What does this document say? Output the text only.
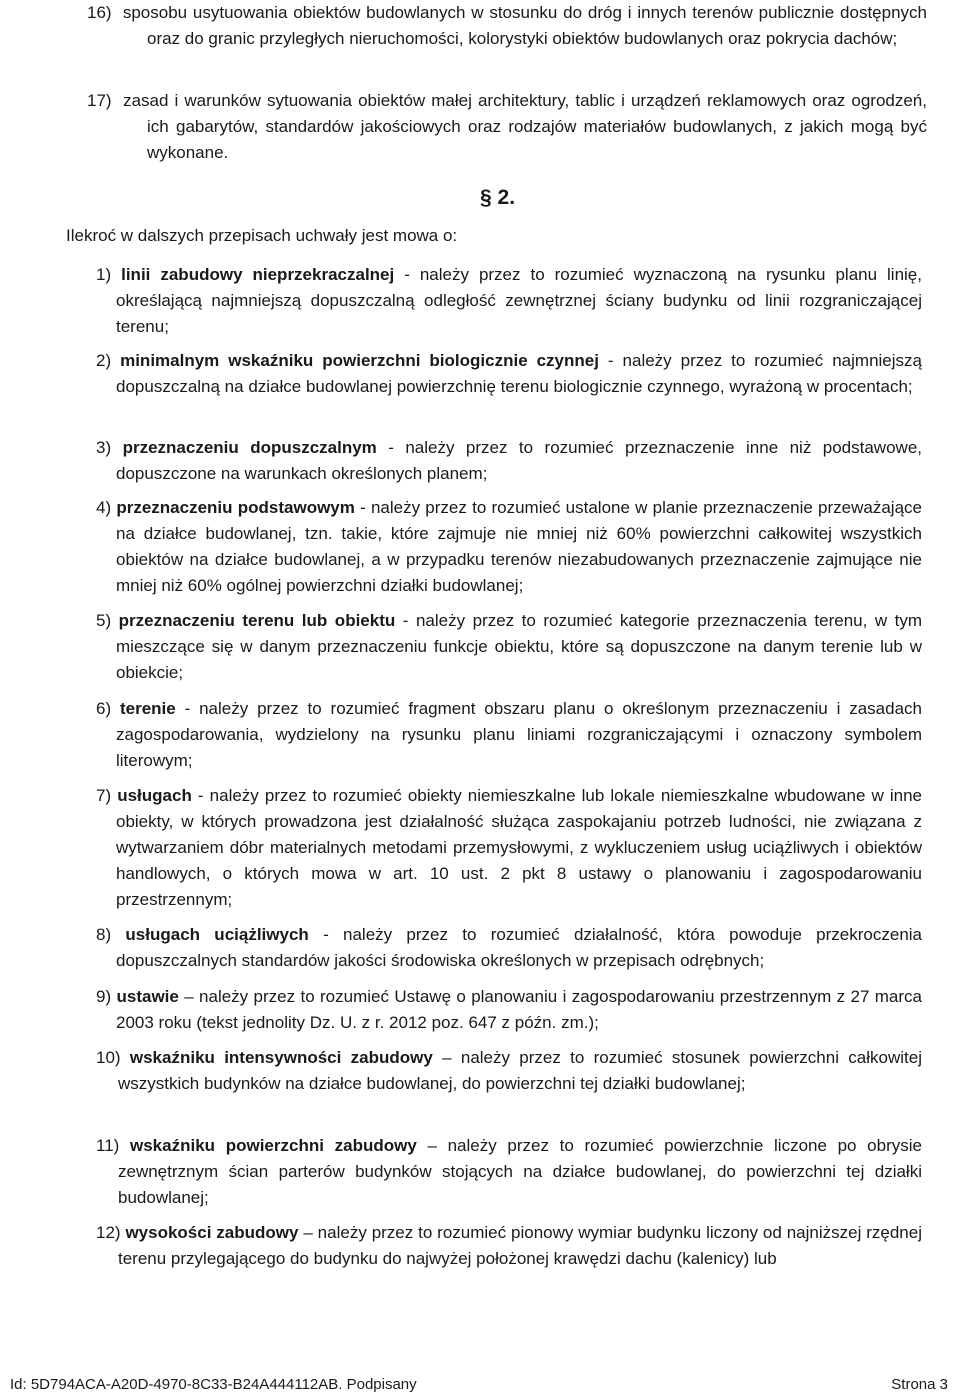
16) sposobu usytuowania obiektów budowlanych w stosunku do dróg i innych terenów publicznie dostępnych oraz do granic przyległych nieruchomości, kolorystyki obiektów budowlanych oraz pokrycia dachów;
17) zasad i warunków sytuowania obiektów małej architektury, tablic i urządzeń reklamowych oraz ogrodzeń, ich gabarytów, standardów jakościowych oraz rodzajów materiałów budowlanych, z jakich mogą być wykonane.
§ 2.
Ilekroć w dalszych przepisach uchwały jest mowa o:
1) linii zabudowy nieprzekraczalnej - należy przez to rozumieć wyznaczoną na rysunku planu linię, określającą najmniejszą dopuszczalną odległość zewnętrznej ściany budynku od linii rozgraniczającej terenu;
2) minimalnym wskaźniku powierzchni biologicznie czynnej - należy przez to rozumieć najmniejszą dopuszczalną na działce budowlanej powierzchnię terenu biologicznie czynnego, wyrażoną w procentach;
3) przeznaczeniu dopuszczalnym - należy przez to rozumieć przeznaczenie inne niż podstawowe, dopuszczone na warunkach określonych planem;
4) przeznaczeniu podstawowym - należy przez to rozumieć ustalone w planie przeznaczenie przeważające na działce budowlanej, tzn. takie, które zajmuje nie mniej niż 60% powierzchni całkowitej wszystkich obiektów na działce budowlanej, a w przypadku terenów niezabudowanych przeznaczenie zajmujące nie mniej niż 60% ogólnej powierzchni działki budowlanej;
5) przeznaczeniu terenu lub obiektu - należy przez to rozumieć kategorie przeznaczenia terenu, w tym mieszczące się w danym przeznaczeniu funkcje obiektu, które są dopuszczone na danym terenie lub w obiekcie;
6) terenie - należy przez to rozumieć fragment obszaru planu o określonym przeznaczeniu i zasadach zagospodarowania, wydzielony na rysunku planu liniami rozgraniczającymi i oznaczony symbolem literowym;
7) usługach - należy przez to rozumieć obiekty niemieszkalne lub lokale niemieszkalne wbudowane w inne obiekty, w których prowadzona jest działalność służąca zaspokajaniu potrzeb ludności, nie związana z wytwarzaniem dóbr materialnych metodami przemysłowymi, z wykluczeniem usług uciążliwych i obiektów handlowych, o których mowa w art. 10 ust. 2 pkt 8 ustawy o planowaniu i zagospodarowaniu przestrzennym;
8) usługach uciążliwych - należy przez to rozumieć działalność, która powoduje przekroczenia dopuszczalnych standardów jakości środowiska określonych w przepisach odrębnych;
9) ustawie – należy przez to rozumieć Ustawę o planowaniu i zagospodarowaniu przestrzennym z 27 marca 2003 roku (tekst jednolity Dz. U. z r. 2012 poz. 647 z późn. zm.);
10) wskaźniku intensywności zabudowy – należy przez to rozumieć stosunek powierzchni całkowitej wszystkich budynków na działce budowlanej, do powierzchni tej działki budowlanej;
11) wskaźniku powierzchni zabudowy – należy przez to rozumieć powierzchnie liczone po obrysie zewnętrznym ścian parterów budynków stojących na działce budowlanej, do powierzchni tej działki budowlanej;
12) wysokości zabudowy – należy przez to rozumieć pionowy wymiar budynku liczony od najniższej rzędnej terenu przylegającego do budynku do najwyżej położonej krawędzi dachu (kalenicy) lub
Id: 5D794ACA-A20D-4970-8C33-B24A444112AB. Podpisany	Strona 3
